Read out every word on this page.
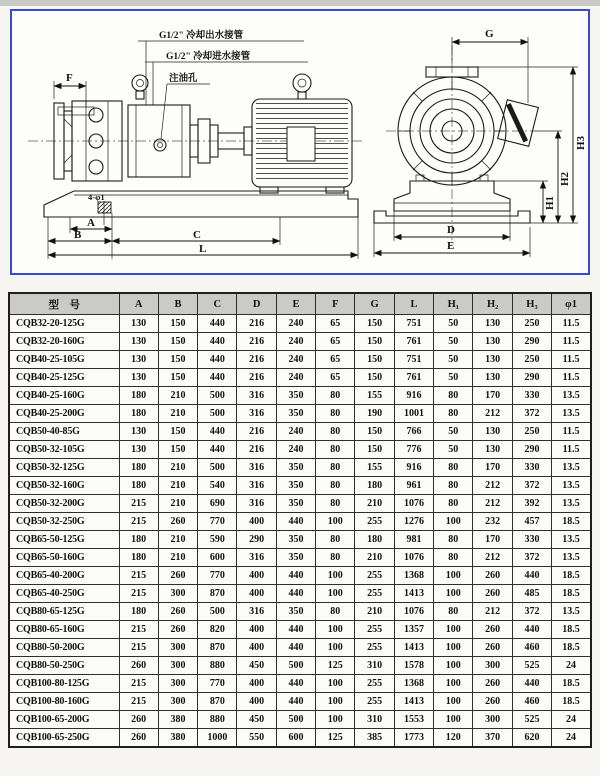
F
G1/2" 冷却出水接管
G1/2" 冷却进水接管
注油孔
4-φ1
A
B	C
L
G
H3
H2
H1
D
E
型　号	A	B	C	D	E	F	G	L	H₁	H₂	H₃	φ1
CQB32-20-125G	130	150	440	216	240	65	150	751	50	130	250	11.5
CQB32-20-160G	130	150	440	216	240	65	150	761	50	130	290	11.5
CQB40-25-105G	130	150	440	216	240	65	150	751	50	130	250	11.5
CQB40-25-125G	130	150	440	216	240	65	150	761	50	130	290	11.5
CQB40-25-160G	180	210	500	316	350	80	155	916	80	170	330	13.5
CQB40-25-200G	180	210	500	316	350	80	190	1001	80	212	372	13.5
CQB50-40-85G	130	150	440	216	240	80	150	766	50	130	250	11.5
CQB50-32-105G	130	150	440	216	240	80	150	776	50	130	290	11.5
CQB50-32-125G	180	210	500	316	350	80	155	916	80	170	330	13.5
CQB50-32-160G	180	210	540	316	350	80	180	961	80	212	372	13.5
CQB50-32-200G	215	210	690	316	350	80	210	1076	80	212	392	13.5
CQB50-32-250G	215	260	770	400	440	100	255	1276	100	232	457	18.5
CQB65-50-125G	180	210	590	290	350	80	180	981	80	170	330	13.5
CQB65-50-160G	180	210	600	316	350	80	210	1076	80	212	372	13.5
CQB65-40-200G	215	260	770	400	440	100	255	1368	100	260	440	18.5
CQB65-40-250G	215	300	870	400	440	100	255	1413	100	260	485	18.5
CQB80-65-125G	180	260	500	316	350	80	210	1076	80	212	372	13.5
CQB80-65-160G	215	260	820	400	440	100	255	1357	100	260	440	18.5
CQB80-50-200G	215	300	870	400	440	100	255	1413	100	260	460	18.5
CQB80-50-250G	260	300	880	450	500	125	310	1578	100	300	525	24
CQB100-80-125G	215	300	770	400	440	100	255	1368	100	260	440	18.5
CQB100-80-160G	215	300	870	400	440	100	255	1413	100	260	460	18.5
CQB100-65-200G	260	380	880	450	500	100	310	1553	100	300	525	24
CQB100-65-250G	260	380	1000	550	600	125	385	1773	120	370	620	24
